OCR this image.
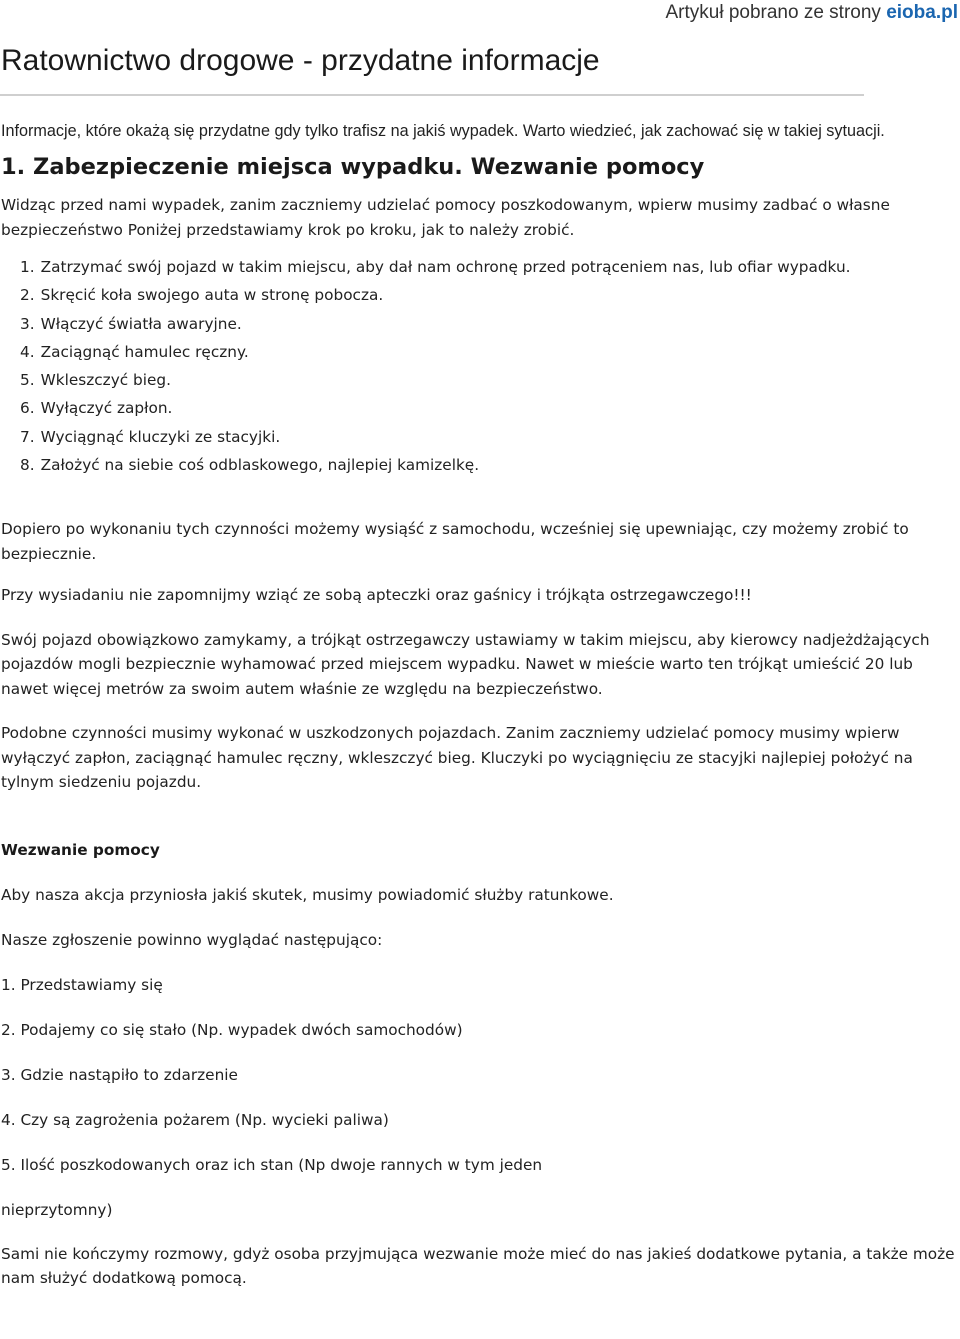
Artykuł pobrano ze strony eioba.pl
Ratownictwo drogowe - przydatne informacje

Informacje, które okażą się przydatne gdy tylko trafisz na jakiś wypadek. Warto wiedzieć, jak zachować się w takiej sytuacji.

1. Zabezpieczenie miejsca wypadku. Wezwanie pomocy

Widząc przed nami wypadek, zanim zaczniemy udzielać pomocy poszkodowanym, wpierw musimy zadbać o własne bezpieczeństwo Poniżej przedstawiamy krok po kroku, jak to należy zrobić.

1. Zatrzymać swój pojazd w takim miejscu, aby dał nam ochronę przed potrąceniem nas, lub ofiar wypadku.
2. Skręcić koła swojego auta w stronę pobocza.
3. Włączyć światła awaryjne.
4. Zaciągnąć hamulec ręczny.
5. Wkleszczyć bieg.
6. Wyłączyć zapłon.
7. Wyciągnąć kluczyki ze stacyjki.
8. Założyć na siebie coś odblaskowego, najlepiej kamizelkę.

Dopiero po wykonaniu tych czynności możemy wysiąść z samochodu, wcześniej się upewniając, czy możemy zrobić to bezpiecznie.

Przy wysiadaniu nie zapomnijmy wziąć ze sobą apteczki oraz gaśnicy i trójkąta ostrzegawczego!!!

Swój pojazd obowiązkowo zamykamy, a trójkąt ostrzegawczy ustawiamy w takim miejscu, aby kierowcy nadjeżdżających pojazdów mogli bezpiecznie wyhamować przed miejscem wypadku. Nawet w mieście warto ten trójkąt umieścić 20 lub nawet więcej metrów za swoim autem właśnie ze względu na bezpieczeństwo.

Podobne czynności musimy wykonać w uszkodzonych pojazdach. Zanim zaczniemy udzielać pomocy musimy wpierw wyłączyć zapłon, zaciągnąć hamulec ręczny, wkleszczyć bieg. Kluczyki po wyciągnięciu ze stacyjki najlepiej położyć na tylnym siedzeniu pojazdu.

Wezwanie pomocy

Aby nasza akcja przyniosła jakiś skutek, musimy powiadomić służby ratunkowe.

Nasze zgłoszenie powinno wyglądać następująco:

1. Przedstawiamy się

2. Podajemy co się stało (Np. wypadek dwóch samochodów)

3. Gdzie nastąpiło to zdarzenie

4. Czy są zagrożenia pożarem (Np. wycieki paliwa)

5. Ilość poszkodowanych oraz ich stan (Np dwoje rannych w tym jeden

nieprzytomny)

Sami nie kończymy rozmowy, gdyż osoba przyjmująca wezwanie może mieć do nas jakieś dodatkowe pytania, a także może nam służyć dodatkową pomocą.
